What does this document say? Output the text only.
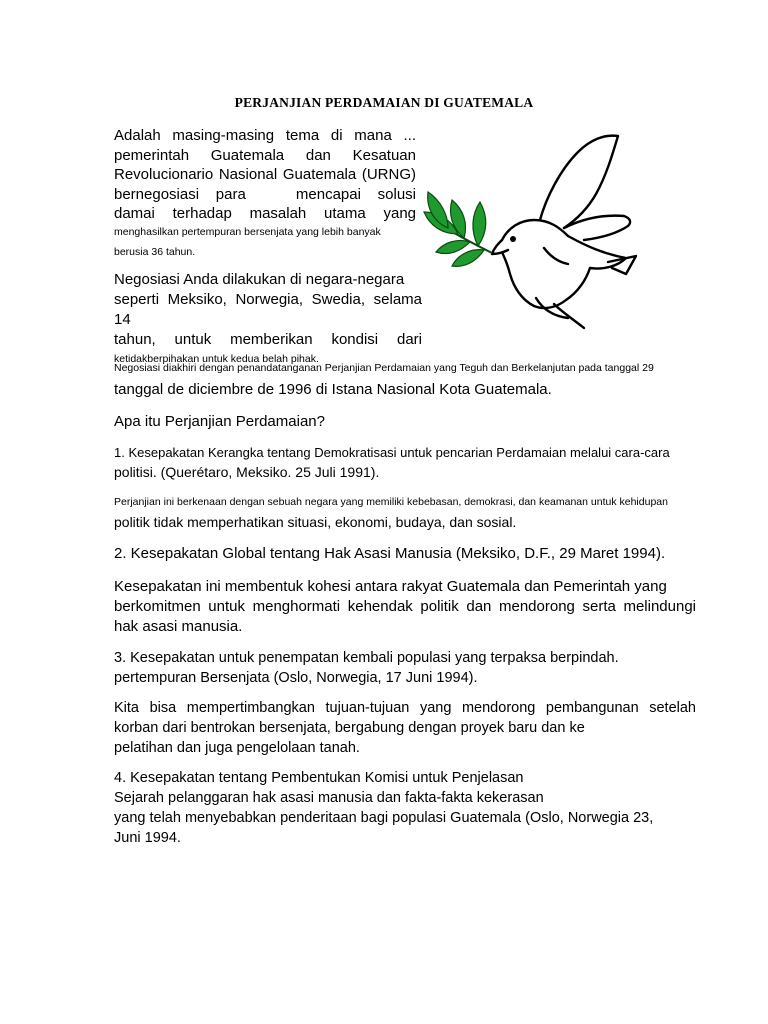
PERJANJIAN PERDAMAIAN DI GUATEMALA
Adalah masing-masing tema di mana ...
pemerintah Guatemala dan Kesatuan
Revolucionario Nasional Guatemala (URNG)
bernegosiasi para   mencapai solusi
damai terhadap masalah utama yang
menghasilkan pertempuran bersenjata yang lebih banyak
berusia 36 tahun.
Negosiasi Anda dilakukan di negara-negara
seperti Meksiko, Norwegia, Swedia, selama 14
tahun, untuk memberikan kondisi dari
ketidakberpihakan untuk kedua belah pihak.
Negosiasi diakhiri dengan penandatanganan Perjanjian Perdamaian yang Teguh dan Berkelanjutan pada tanggal 29
tanggal de diciembre de 1996 di Istana Nasional Kota Guatemala.
Apa itu Perjanjian Perdamaian?
1. Kesepakatan Kerangka tentang Demokratisasi untuk pencarian Perdamaian melalui cara-cara
politisi. (Querétaro, Meksiko. 25 Juli 1991).
Perjanjian ini berkenaan dengan sebuah negara yang memiliki kebebasan, demokrasi, dan keamanan untuk kehidupan
politik tidak memperhatikan situasi, ekonomi, budaya, dan sosial.
2. Kesepakatan Global tentang Hak Asasi Manusia (Meksiko, D.F., 29 Maret 1994).
Kesepakatan ini membentuk kohesi antara rakyat Guatemala dan Pemerintah yang
berkomitmen untuk menghormati kehendak politik dan mendorong serta melindungi
hak asasi manusia.
3. Kesepakatan untuk penempatan kembali populasi yang terpaksa berpindah.
pertempuran Bersenjata (Oslo, Norwegia, 17 Juni 1994).
Kita bisa mempertimbangkan tujuan-tujuan yang mendorong pembangunan setelah
korban dari bentrokan bersenjata, bergabung dengan proyek baru dan ke
pelatihan dan juga pengelolaan tanah.
4. Kesepakatan tentang Pembentukan Komisi untuk Penjelasan
Sejarah pelanggaran hak asasi manusia dan fakta-fakta kekerasan
yang telah menyebabkan penderitaan bagi populasi Guatemala (Oslo, Norwegia 23,
Juni 1994.
